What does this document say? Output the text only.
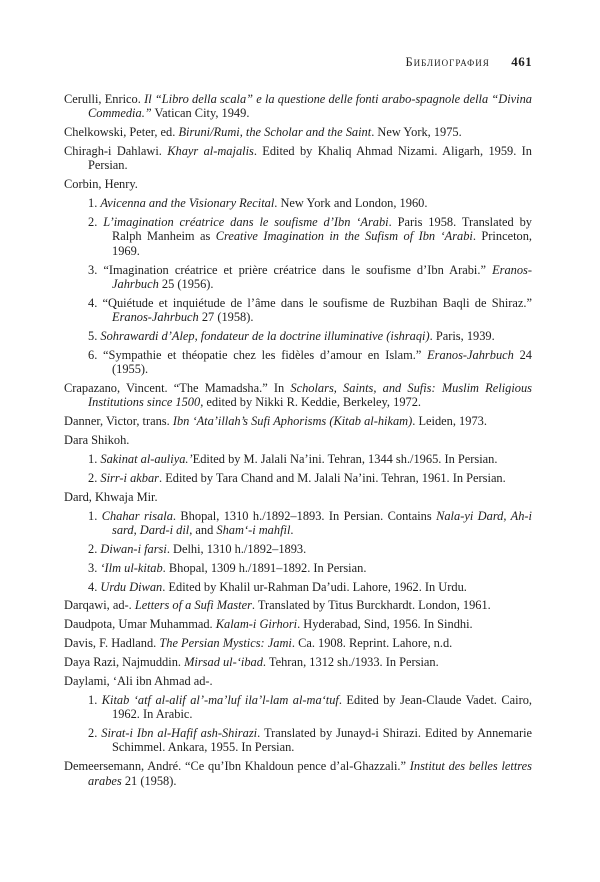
Библиография 461
Cerulli, Enrico. Il “Libro della scala” e la questione delle fonti arabo-spagnole della “Divina Commedia.” Vatican City, 1949.
Chelkowski, Peter, ed. Biruni/Rumi, the Scholar and the Saint. New York, 1975.
Chiragh-i Dahlawi. Khayr al-majalis. Edited by Khaliq Ahmad Nizami. Aligarh, 1959. In Persian.
Corbin, Henry.
1. Avicenna and the Visionary Recital. New York and London, 1960.
2. L’imagination créatrice dans le soufisme d’Ibn ‘Arabi. Paris 1958. Translated by Ralph Manheim as Creative Imagination in the Sufism of Ibn ‘Arabi. Princeton, 1969.
3. “Imagination créatrice et prière créatrice dans le soufisme d’Ibn Arabi.” Eranos-Jahrbuch 25 (1956).
4. “Quiétude et inquiétude de l’âme dans le soufisme de Ruzbihan Baqli de Shiraz.” Eranos-Jahrbuch 27 (1958).
5. Sohrawardi d’Alep, fondateur de la doctrine illuminative (ishraqi). Paris, 1939.
6. “Sympathie et théopatie chez les fidèles d’amour en Islam.” Eranos-Jahrbuch 24 (1955).
Crapazano, Vincent. “The Mamadsha.” In Scholars, Saints, and Sufis: Muslim Religious Institutions since 1500, edited by Nikki R. Keddie, Berkeley, 1972.
Danner, Victor, trans. Ibn ‘Ata’illah’s Sufi Aphorisms (Kitab al-hikam). Leiden, 1973.
Dara Shikoh.
1. Sakinat al-auliya.’Edited by M. Jalali Na’ini. Tehran, 1344 sh./1965. In Persian.
2. Sirr-i akbar. Edited by Tara Chand and M. Jalali Na’ini. Tehran, 1961. In Persian.
Dard, Khwaja Mir.
1. Chahar risala. Bhopal, 1310 h./1892–1893. In Persian. Contains Nala-yi Dard, Ah-i sard, Dard-i dil, and Sham‘-i mahfil.
2. Diwan-i farsi. Delhi, 1310 h./1892–1893.
3. ‘Ilm ul-kitab. Bhopal, 1309 h./1891–1892. In Persian.
4. Urdu Diwan. Edited by Khalil ur-Rahman Da’udi. Lahore, 1962. In Urdu.
Darqawi, ad-. Letters of a Sufi Master. Translated by Titus Burckhardt. London, 1961.
Daudpota, Umar Muhammad. Kalam-i Girhori. Hyderabad, Sind, 1956. In Sindhi.
Davis, F. Hadland. The Persian Mystics: Jami. Ca. 1908. Reprint. Lahore, n.d.
Daya Razi, Najmuddin. Mirsad ul-‘ibad. Tehran, 1312 sh./1933. In Persian.
Daylami, ‘Ali ibn Ahmad ad-.
1. Kitab ‘atf al-alif al’-ma’luf ila’l-lam al-ma‘tuf. Edited by Jean-Claude Vadet. Cairo, 1962. In Arabic.
2. Sirat-i Ibn al-Hafif ash-Shirazi. Translated by Junayd-i Shirazi. Edited by Annemarie Schimmel. Ankara, 1955. In Persian.
Demeersemann, André. “Ce qu’Ibn Khaldoun pence d’al-Ghazzali.” Institut des belles lettres arabes 21 (1958).
